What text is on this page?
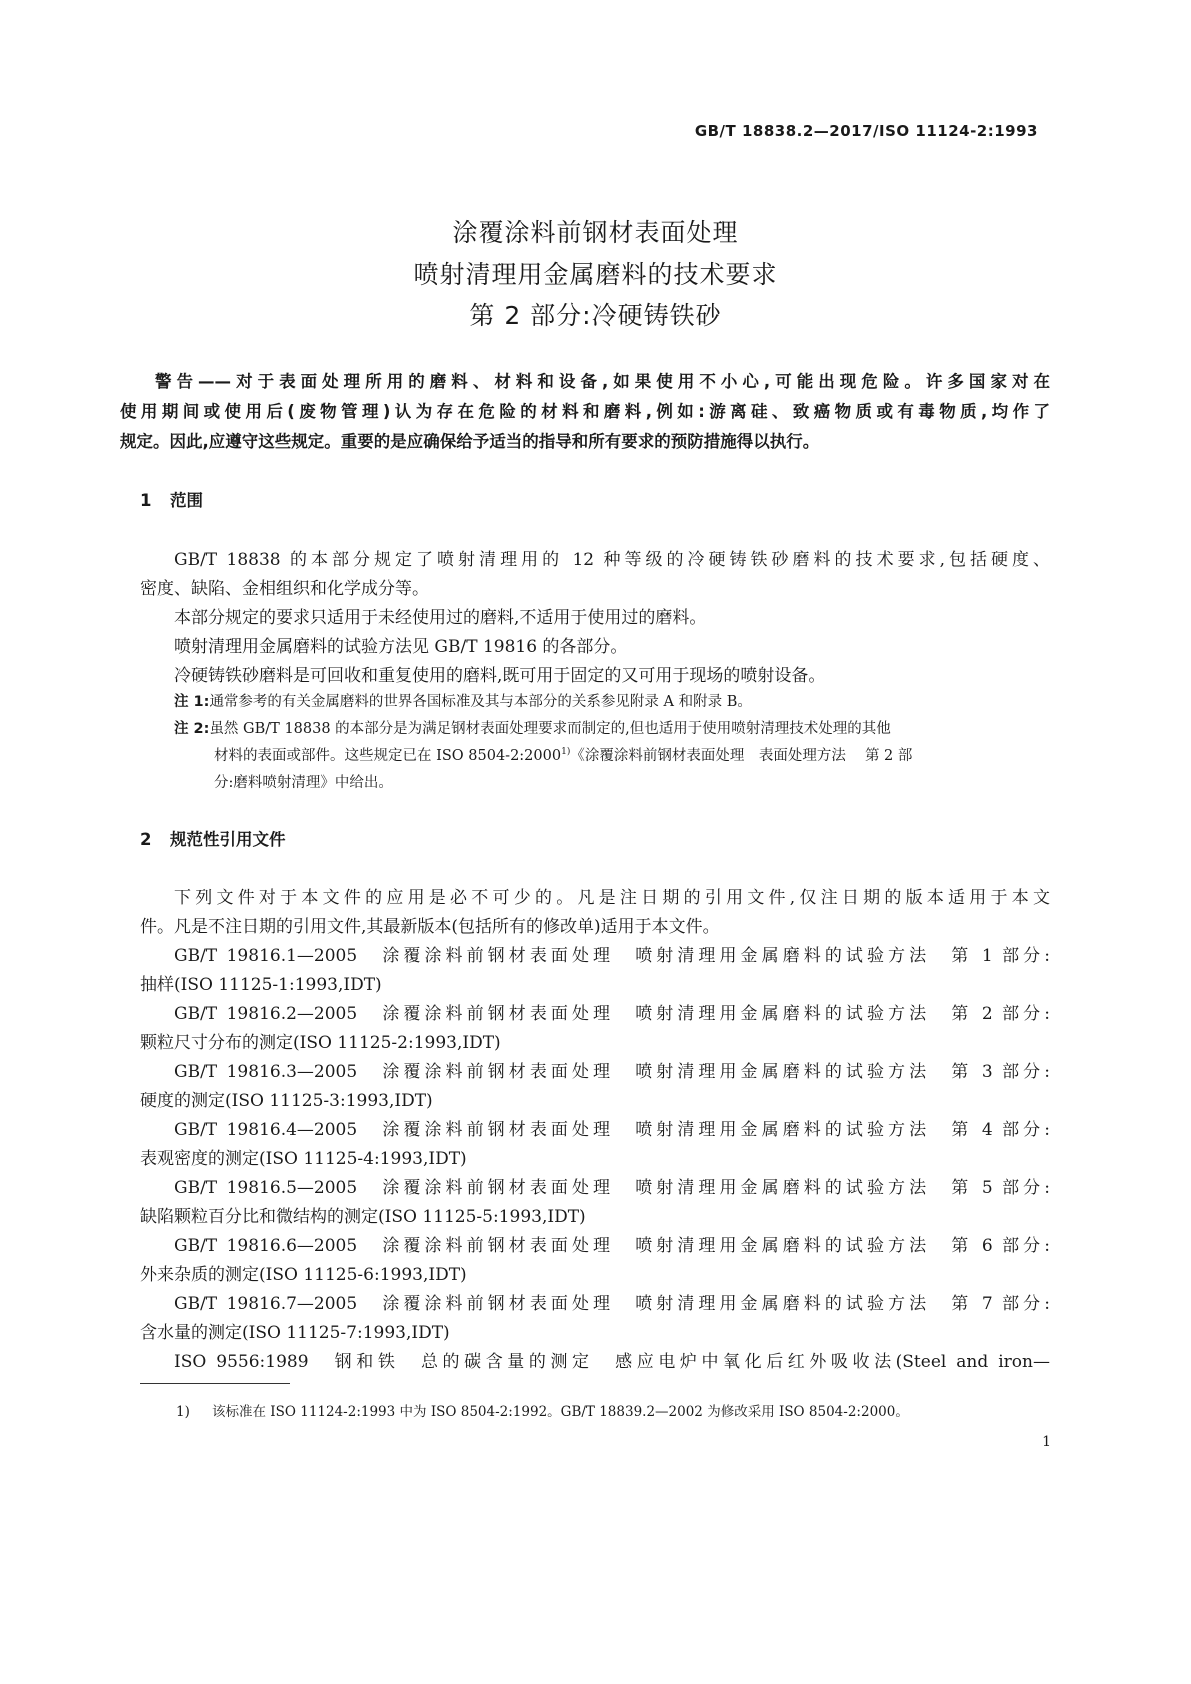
GB/T 18838.2—2017/ISO 11124-2:1993
涂覆涂料前钢材表面处理
喷射清理用金属磨料的技术要求
第 2 部分:冷硬铸铁砂
警告——对于表面处理所用的磨料、材料和设备,如果使用不小心,可能出现危险。许多国家对在
使用期间或使用后(废物管理)认为存在危险的材料和磨料,例如:游离硅、致癌物质或有毒物质,均作了
规定。因此,应遵守这些规定。重要的是应确保给予适当的指导和所有要求的预防措施得以执行。
1 范围
GB/T 18838 的本部分规定了喷射清理用的 12 种等级的冷硬铸铁砂磨料的技术要求,包括硬度、
密度、缺陷、金相组织和化学成分等。
本部分规定的要求只适用于未经使用过的磨料,不适用于使用过的磨料。
喷射清理用金属磨料的试验方法见 GB/T 19816 的各部分。
冷硬铸铁砂磨料是可回收和重复使用的磨料,既可用于固定的又可用于现场的喷射设备。
注 1:通常参考的有关金属磨料的世界各国标准及其与本部分的关系参见附录 A 和附录 B。
注 2:虽然 GB/T 18838 的本部分是为满足钢材表面处理要求而制定的,但也适用于使用喷射清理技术处理的其他
材料的表面或部件。这些规定已在 ISO 8504-2:2000$^{1)}$《涂覆涂料前钢材表面处理　表面处理方法　 第 2 部
分:磨料喷射清理》中给出。
2 规范性引用文件
下列文件对于本文件的应用是必不可少的。凡是注日期的引用文件,仅注日期的版本适用于本文
件。凡是不注日期的引用文件,其最新版本(包括所有的修改单)适用于本文件。
GB/T 19816.1—2005　涂覆涂料前钢材表面处理　喷射清理用金属磨料的试验方法　第 1 部分:
抽样(ISO 11125-1:1993,IDT)
GB/T 19816.2—2005　涂覆涂料前钢材表面处理　喷射清理用金属磨料的试验方法　第 2 部分:
颗粒尺寸分布的测定(ISO 11125-2:1993,IDT)
GB/T 19816.3—2005　涂覆涂料前钢材表面处理　喷射清理用金属磨料的试验方法　第 3 部分:
硬度的测定(ISO 11125-3:1993,IDT)
GB/T 19816.4—2005　涂覆涂料前钢材表面处理　喷射清理用金属磨料的试验方法　第 4 部分:
表观密度的测定(ISO 11125-4:1993,IDT)
GB/T 19816.5—2005　涂覆涂料前钢材表面处理　喷射清理用金属磨料的试验方法　第 5 部分:
缺陷颗粒百分比和微结构的测定(ISO 11125-5:1993,IDT)
GB/T 19816.6—2005　涂覆涂料前钢材表面处理　喷射清理用金属磨料的试验方法　第 6 部分:
外来杂质的测定(ISO 11125-6:1993,IDT)
GB/T 19816.7—2005　涂覆涂料前钢材表面处理　喷射清理用金属磨料的试验方法　第 7 部分:
含水量的测定(ISO 11125-7:1993,IDT)
ISO 9556:1989　钢和铁　总的碳含量的测定　感应电炉中氧化后红外吸收法(Steel and iron—
1) 该标准在 ISO 11124-2:1993 中为 ISO 8504-2:1992。GB/T 18839.2—2002 为修改采用 ISO 8504-2:2000。
1
